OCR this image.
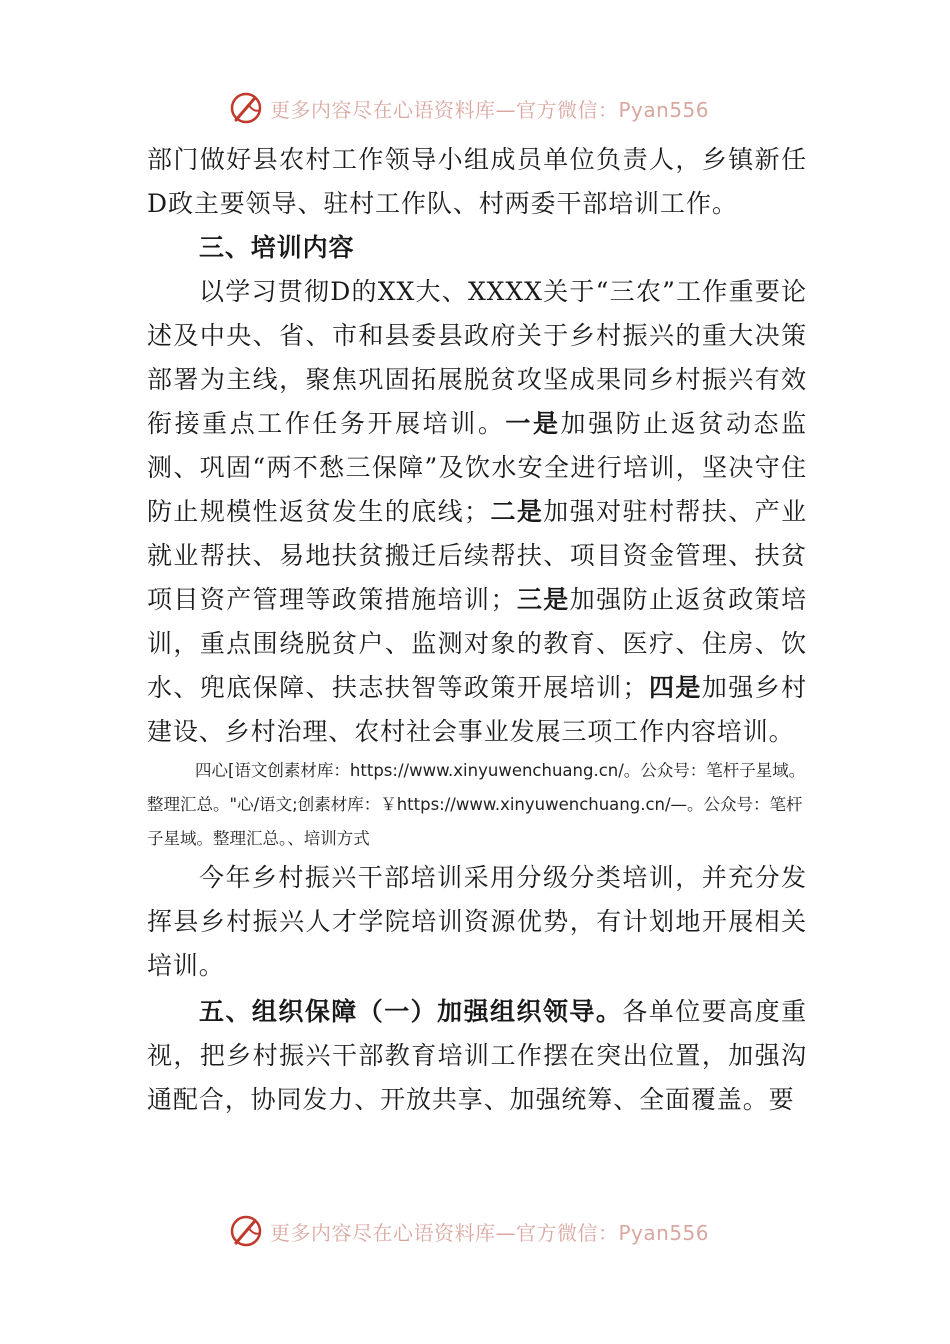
更多内容尽在心语资料库—官方微信：Pyan556

部门做好县农村工作领导小组成员单位负责人，乡镇新任D政主要领导、驻村工作队、村两委干部培训工作。

三、培训内容

以学习贯彻D的XX大、XXXX关于“三农”工作重要论述及中央、省、市和县委县政府关于乡村振兴的重大决策部署为主线，聚焦巩固拓展脱贫攻坚成果同乡村振兴有效衔接重点工作任务开展培训。一是加强防止返贫动态监测、巩固“两不愁三保障”及饮水安全进行培训，坚决守住防止规模性返贫发生的底线；二是加强对驻村帮扶、产业就业帮扶、易地扶贫搬迁后续帮扶、项目资金管理、扶贫项目资产管理等政策措施培训；三是加强防止返贫政策培训，重点围绕脱贫户、监测对象的教育、医疗、住房、饮水、兜底保障、扶志扶智等政策开展培训；四是加强乡村建设、乡村治理、农村社会事业发展三项工作内容培训。

四心[语文创素材库：https://www.xinyuwenchuang.cn/。公众号：笔杆子星域。整理汇总。"心/语文;创素材库：￥https://www.xinyuwenchuang.cn/—。公众号：笔杆子星域。整理汇总。、培训方式

今年乡村振兴干部培训采用分级分类培训，并充分发挥县乡村振兴人才学院培训资源优势，有计划地开展相关培训。

五、组织保障（一）加强组织领导。各单位要高度重视，把乡村振兴干部教育培训工作摆在突出位置，加强沟通配合，协同发力、开放共享、加强统筹、全面覆盖。要

更多内容尽在心语资料库—官方微信：Pyan556
